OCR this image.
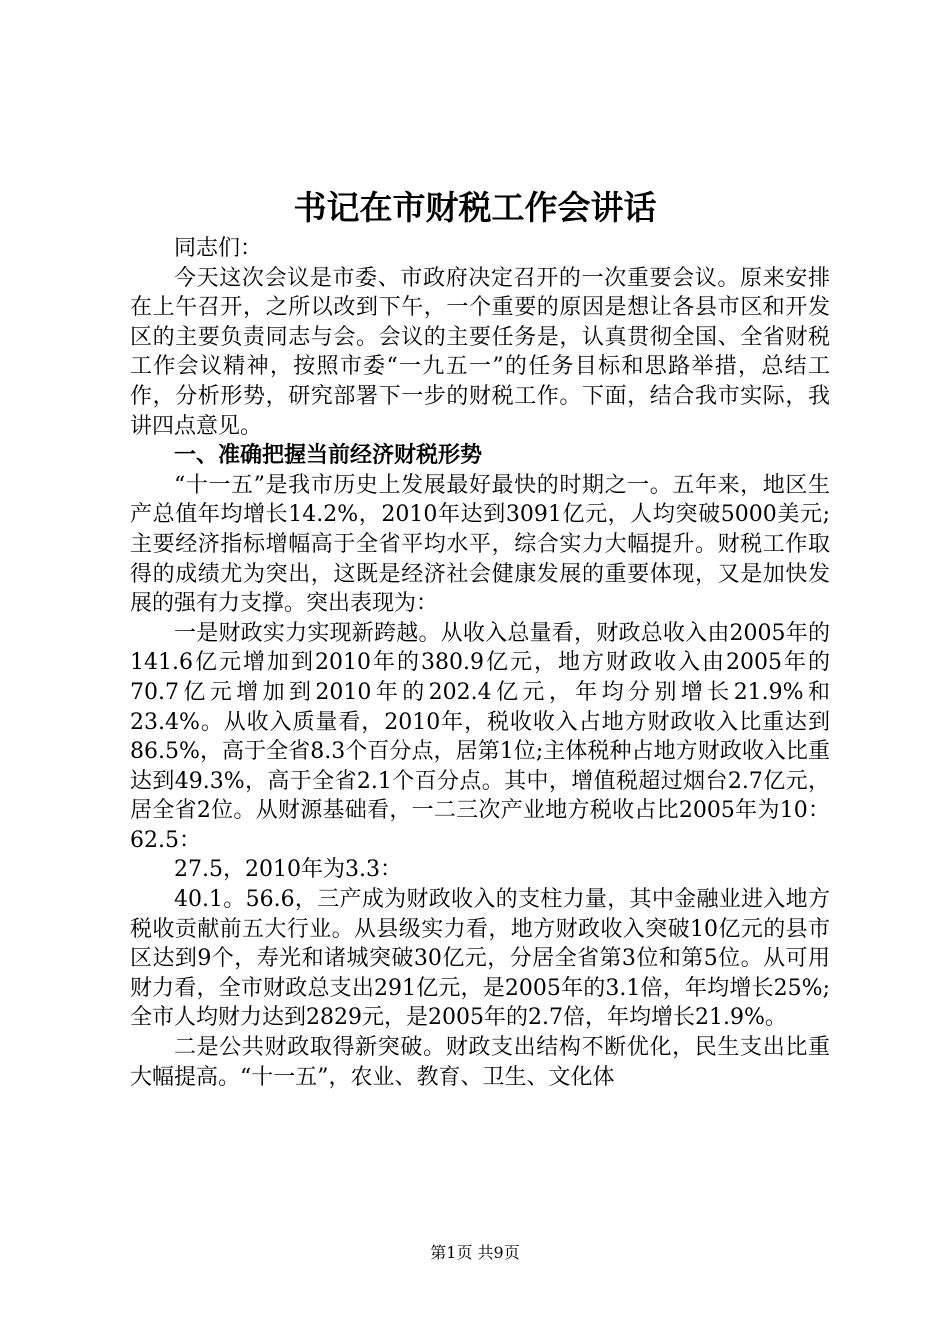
书记在市财税工作会讲话

同志们：

今天这次会议是市委、市政府决定召开的一次重要会议。原来安排在上午召开，之所以改到下午，一个重要的原因是想让各县市区和开发区的主要负责同志与会。会议的主要任务是，认真贯彻全国、全省财税工作会议精神，按照市委“一九五一”的任务目标和思路举措，总结工作，分析形势，研究部署下一步的财税工作。下面，结合我市实际，我讲四点意见。

一、准确把握当前经济财税形势

“十一五”是我市历史上发展最好最快的时期之一。五年来，地区生产总值年均增长14.2%，2010年达到3091亿元，人均突破5000美元;主要经济指标增幅高于全省平均水平，综合实力大幅提升。财税工作取得的成绩尤为突出，这既是经济社会健康发展的重要体现，又是加快发展的强有力支撑。突出表现为：

一是财政实力实现新跨越。从收入总量看，财政总收入由2005年的141.6亿元增加到2010年的380.9亿元，地方财政收入由2005年的70.7亿元增加到2010年的202.4亿元，年均分别增长21.9%和23.4%。从收入质量看，2010年，税收收入占地方财政收入比重达到86.5%，高于全省8.3个百分点，居第1位;主体税种占地方财政收入比重达到49.3%，高于全省2.1个百分点。其中，增值税超过烟台2.7亿元，居全省2位。从财源基础看，一二三次产业地方税收占比2005年为10：62.5：

27.5，2010年为3.3：

40.1。56.6，三产成为财政收入的支柱力量，其中金融业进入地方税收贡献前五大行业。从县级实力看，地方财政收入突破10亿元的县市区达到9个，寿光和诸城突破30亿元，分居全省第3位和第5位。从可用财力看，全市财政总支出291亿元，是2005年的3.1倍，年均增长25%;全市人均财力达到2829元，是2005年的2.7倍，年均增长21.9%。

二是公共财政取得新突破。财政支出结构不断优化，民生支出比重大幅提高。“十一五”，农业、教育、卫生、文化体

第1页 共9页
